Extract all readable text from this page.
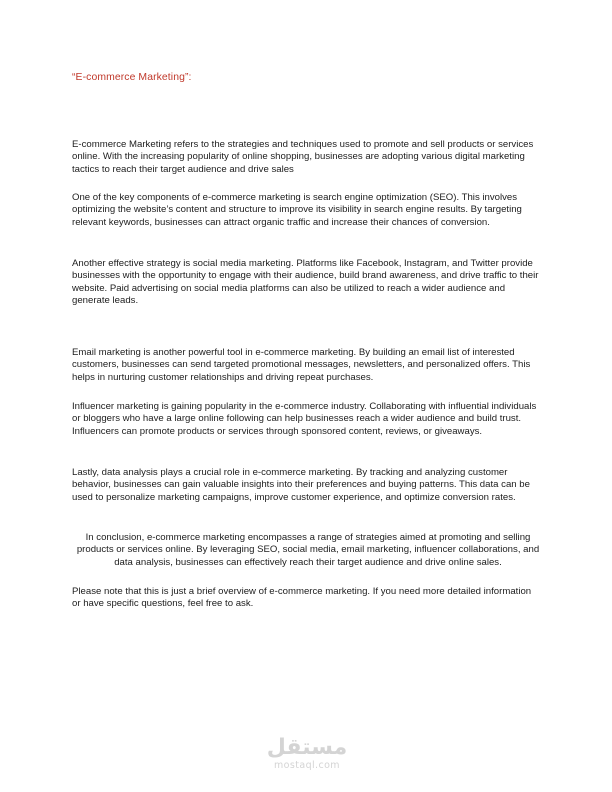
“E-commerce Marketing”:

E-commerce Marketing refers to the strategies and techniques used to promote and sell products or services online. With the increasing popularity of online shopping, businesses are adopting various digital marketing tactics to reach their target audience and drive sales

One of the key components of e-commerce marketing is search engine optimization (SEO). This involves optimizing the website’s content and structure to improve its visibility in search engine results. By targeting relevant keywords, businesses can attract organic traffic and increase their chances of conversion.

Another effective strategy is social media marketing. Platforms like Facebook, Instagram, and Twitter provide businesses with the opportunity to engage with their audience, build brand awareness, and drive traffic to their website. Paid advertising on social media platforms can also be utilized to reach a wider audience and generate leads.

Email marketing is another powerful tool in e-commerce marketing. By building an email list of interested customers, businesses can send targeted promotional messages, newsletters, and personalized offers. This helps in nurturing customer relationships and driving repeat purchases.

Influencer marketing is gaining popularity in the e-commerce industry. Collaborating with influential individuals or bloggers who have a large online following can help businesses reach a wider audience and build trust. Influencers can promote products or services through sponsored content, reviews, or giveaways.

Lastly, data analysis plays a crucial role in e-commerce marketing. By tracking and analyzing customer behavior, businesses can gain valuable insights into their preferences and buying patterns. This data can be used to personalize marketing campaigns, improve customer experience, and optimize conversion rates.

In conclusion, e-commerce marketing encompasses a range of strategies aimed at promoting and selling products or services online. By leveraging SEO, social media, email marketing, influencer collaborations, and data analysis, businesses can effectively reach their target audience and drive online sales.

Please note that this is just a brief overview of e-commerce marketing. If you need more detailed information or have specific questions, feel free to ask.

مستقل
mostaql.com
